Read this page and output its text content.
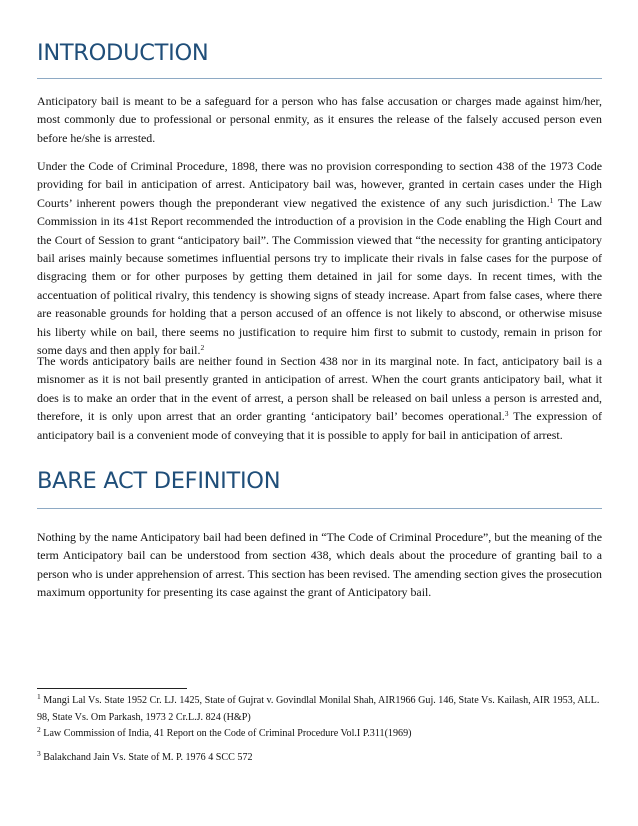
INTRODUCTION

Anticipatory bail is meant to be a safeguard for a person who has false accusation or charges made against him/her, most commonly due to professional or personal enmity, as it ensures the release of the falsely accused person even before he/she is arrested.

Under the Code of Criminal Procedure, 1898, there was no provision corresponding to section 438 of the 1973 Code providing for bail in anticipation of arrest. Anticipatory bail was, however, granted in certain cases under the High Courts’ inherent powers though the preponderant view negatived the existence of any such jurisdiction.$^1$ The Law Commission in its 41st Report recommended the introduction of a provision in the Code enabling the High Court and the Court of Session to grant “anticipatory bail”. The Commission viewed that “the necessity for granting anticipatory bail arises mainly because sometimes influential persons try to implicate their rivals in false cases for the purpose of disgracing them or for other purposes by getting them detained in jail for some days. In recent times, with the accentuation of political rivalry, this tendency is showing signs of steady increase. Apart from false cases, where there are reasonable grounds for holding that a person accused of an offence is not likely to abscond, or otherwise misuse his liberty while on bail, there seems no justification to require him first to submit to custody, remain in prison for some days and then apply for bail.$^2$

The words anticipatory bails are neither found in Section 438 nor in its marginal note. In fact, anticipatory bail is a misnomer as it is not bail presently granted in anticipation of arrest. When the court grants anticipatory bail, what it does is to make an order that in the event of arrest, a person shall be released on bail unless a person is arrested and, therefore, it is only upon arrest that an order granting ‘anticipatory bail’ becomes operational.$^3$ The expression of anticipatory bail is a convenient mode of conveying that it is possible to apply for bail in anticipation of arrest.

BARE ACT DEFINITION

Nothing by the name Anticipatory bail had been defined in “The Code of Criminal Procedure”, but the meaning of the term Anticipatory bail can be understood from section 438, which deals about the procedure of granting bail to a person who is under apprehension of arrest. This section has been revised. The amending section gives the prosecution maximum opportunity for presenting its case against the grant of Anticipatory bail.

$^1$ Mangi Lal Vs. State 1952 Cr. LJ. 1425, State of Gujrat v. Govindlal Monilal Shah, AIR1966 Guj. 146, State Vs. Kailash, AIR 1953, ALL. 98, State Vs. Om Parkash, 1973 2 Cr.L.J. 824 (H&P)

$^2$ Law Commission of India, 41 Report on the Code of Criminal Procedure Vol.I P.311(1969)

$^3$ Balakchand Jain Vs. State of M. P. 1976 4 SCC 572
